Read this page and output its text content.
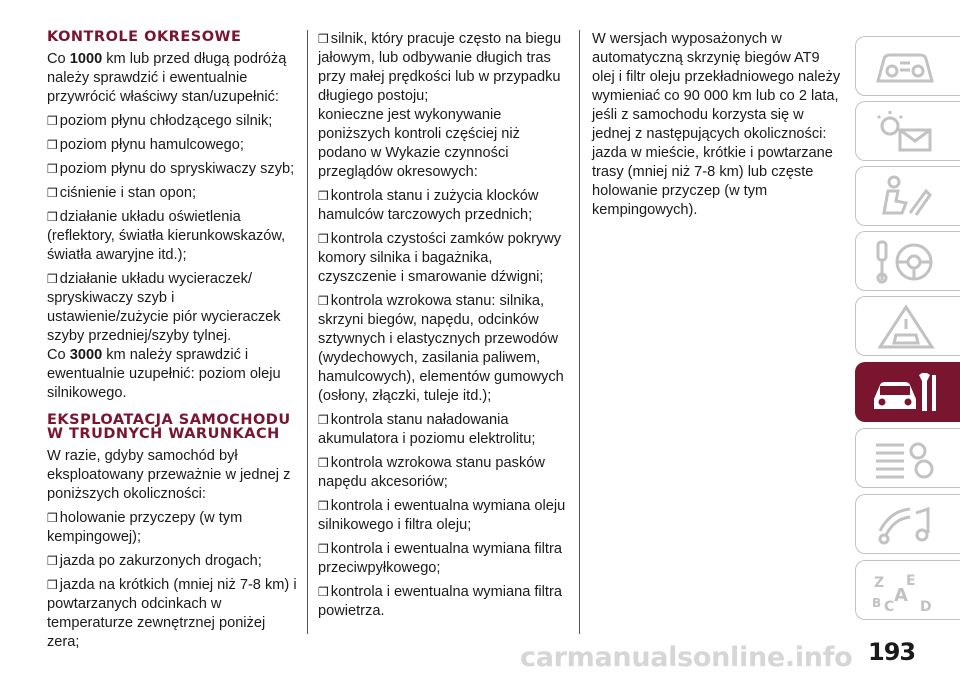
KONTROLE OKRESOWE

Co 1000 km lub przed długą podróżą należy sprawdzić i ewentualnie przywrócić właściwy stan/uzupełnić:

❒ poziom płynu chłodzącego silnik;

❒ poziom płynu hamulcowego;

❒ poziom płynu do spryskiwaczy szyb;

❒ ciśnienie i stan opon;

❒ działanie układu oświetlenia (reflektory, światła kierunkowskazów, światła awaryjne itd.);

❒ działanie układu wycieraczek/ spryskiwaczy szyb i ustawienie/zużycie piór wycieraczek szyby przedniej/szyby tylnej.

Co 3000 km należy sprawdzić i ewentualnie uzupełnić: poziom oleju silnikowego.

EKSPLOATACJA SAMOCHODU W TRUDNYCH WARUNKACH

W razie, gdyby samochód był eksploatowany przeważnie w jednej z poniższych okoliczności:

❒ holowanie przyczepy (w tym kempingowej);

❒ jazda po zakurzonych drogach;

❒ jazda na krótkich (mniej niż 7-8 km) i powtarzanych odcinkach w temperaturze zewnętrznej poniżej zera;

❒ silnik, który pracuje często na biegu jałowym, lub odbywanie długich tras przy małej prędkości lub w przypadku długiego postoju;

konieczne jest wykonywanie poniższych kontroli częściej niż podano w Wykazie czynności przeglądów okresowych:

❒ kontrola stanu i zużycia klocków hamulców tarczowych przednich;

❒ kontrola czystości zamków pokrywy komory silnika i bagażnika, czyszczenie i smarowanie dźwigni;

❒ kontrola wzrokowa stanu: silnika, skrzyni biegów, napędu, odcinków sztywnych i elastycznych przewodów (wydechowych, zasilania paliwem, hamulcowych), elementów gumowych (osłony, złączki, tuleje itd.);

❒ kontrola stanu naładowania akumulatora i poziomu elektrolitu;

❒ kontrola wzrokowa stanu pasków napędu akcesoriów;

❒ kontrola i ewentualna wymiana oleju silnikowego i filtra oleju;

❒ kontrola i ewentualna wymiana filtra przeciwpyłkowego;

❒ kontrola i ewentualna wymiana filtra powietrza.

W wersjach wyposażonych w automatyczną skrzynię biegów AT9 olej i filtr oleju przekładniowego należy wymieniać co 90 000 km lub co 2 lata, jeśli z samochodu korzysta się w jednej z następujących okoliczności: jazda w mieście, krótkie i powtarzane trasy (mniej niż 7-8 km) lub częste holowanie przyczep (w tym kempingowych).

Z E
B C
A
D
193
carmanualsonline.info
